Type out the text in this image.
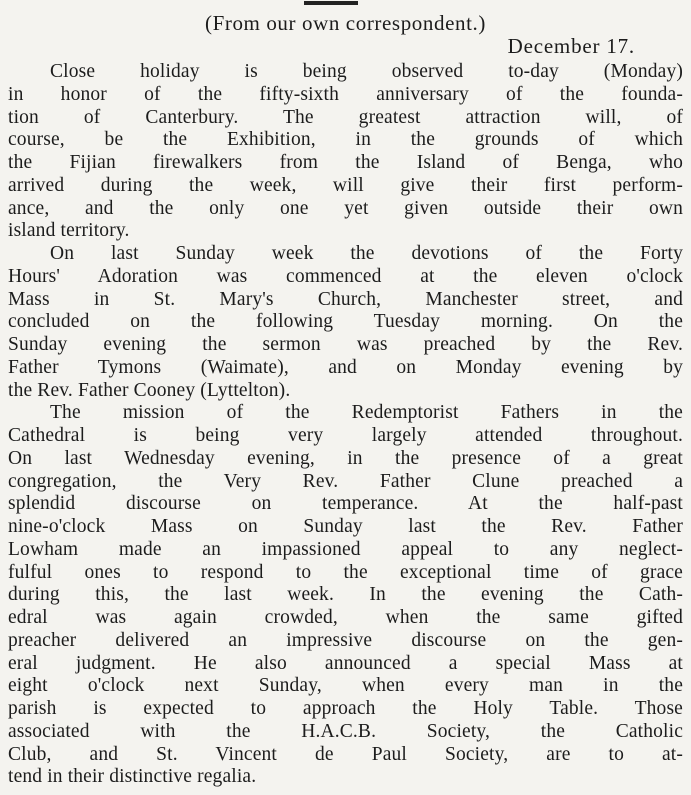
(From our own correspondent.)
December 17.
Close holiday is being observed to-day (Monday)
in honor of the fifty-sixth anniversary of the founda-
tion of Canterbury. The greatest attraction will, of
course, be the Exhibition, in the grounds of which
the Fijian firewalkers from the Island of Benga, who
arrived during the week, will give their first perform-
ance, and the only one yet given outside their own
island territory.
On last Sunday week the devotions of the Forty
Hours' Adoration was commenced at the eleven o'clock
Mass in St. Mary's Church, Manchester street, and
concluded on the following Tuesday morning. On the
Sunday evening the sermon was preached by the Rev.
Father Tymons (Waimate), and on Monday evening by
the Rev. Father Cooney (Lyttelton).
The mission of the Redemptorist Fathers in the
Cathedral is being very largely attended throughout.
On last Wednesday evening, in the presence of a great
congregation, the Very Rev. Father Clune preached a
splendid discourse on temperance. At the half-past
nine-o'clock Mass on Sunday last the Rev. Father
Lowham made an impassioned appeal to any neglect-
fulful ones to respond to the exceptional time of grace
during this, the last week. In the evening the Cath-
edral was again crowded, when the same gifted
preacher delivered an impressive discourse on the gen-
eral judgment. He also announced a special Mass at
eight o'clock next Sunday, when every man in the
parish is expected to approach the Holy Table. Those
associated with the H.A.C.B. Society, the Catholic
Club, and St. Vincent de Paul Society, are to at-
tend in their distinctive regalia.
